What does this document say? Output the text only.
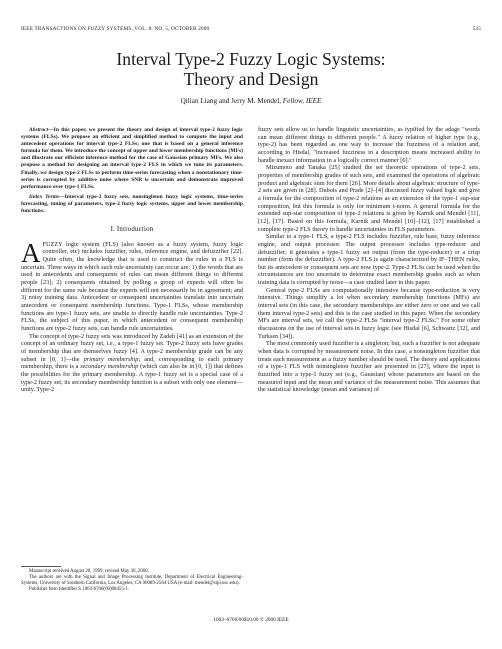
IEEE TRANSACTIONS ON FUZZY SYSTEMS, VOL. 8, NO. 5, OCTOBER 2000	535
Interval Type-2 Fuzzy Logic Systems:
Theory and Design
Qilian Liang and Jerry M. Mendel, Fellow, IEEE

Abstract—In this paper, we present the theory and design of interval type-2 fuzzy logic systems (FLSs). We propose an efficient and simplified method to compute the input and antecedent operations for interval type-2 FLSs; one that is based on a general inference formula for them. We introduce the concept of upper and lower membership functions (MFs) and illustrate our efficient inference method for the case of Gaussian primary MFs. We also propose a method for designing an interval type-2 FLS in which we tune its parameters. Finally, we design type-2 FLSs to perform time-series forecasting when a nonstationary time-series is corrupted by additive noise where SNR is uncertain and demonstrate improved performance over type-1 FLSs.

Index Terms—Interval type-2 fuzzy sets, nonsingleton fuzzy logic systems, time-series forecasting, tuning of parameters, type-2 fuzzy logic systems, upper and lower membership functions.

I. Introduction

AFUZZY logic system (FLS) (also known as a fuzzy system, fuzzy logic controller, etc) includes fuzzifier, rules, inference engine, and defuzzifier [22]. Quite often, the knowledge that is used to construct the rules in a FLS is uncertain. Three ways in which such rule uncertainty can occur are: 1) the words that are used in antecedents and consequents of rules can mean different things to different people [23]; 2) consequents obtained by polling a group of experts will often be different for the same rule because the experts will not necessarily be in agreement; and 3) noisy training data. Antecedent or consequent uncertainties translate into uncertain antecedent or consequent membership functions. Type-1 FLSs, whose membership functions are type-1 fuzzy sets, are unable to directly handle rule uncertainties. Type-2 FLSs, the subject of this paper, in which antecedent or consequent membership functions are type-2 fuzzy sets, can handle rule uncertainties.

The concept of type-2 fuzzy sets was introduced by Zadeh [41] as an extension of the concept of an ordinary fuzzy set, i.e., a type-1 fuzzy set. Type-2 fuzzy sets have grades of membership that are themselves fuzzy [4]. A type-2 membership grade can be any subset in [0, 1]—the primary membership; and, corresponding to each primary membership, there is a secondary membership (which can also be in [0, 1]) that defines the possibilities for the primary membership. A type-1 fuzzy set is a special case of a type-2 fuzzy set; its secondary membership function is a subset with only one element—unity. Type-2

Manuscript received August 20, 1999; revised May 30, 2000.

The authors are with the Signal and Image Processing Institute, Department of Electrical Engineering-Systems, University of Southern California, Los Angeles, CA 90089-2564 USA (e-mail: mendel@sipi.usc.edu).

Publisher Item Identifier S 1063-6706(00)08455-1.

fuzzy sets allow us to handle linguistic uncertainties, as typified by the adage "words can mean different things to different people." A fuzzy relation of higher type (e.g., type-2) has been regarded as one way to increase the fuzziness of a relation and, according to Hisdal, "increased fuzziness in a description means increased ability to handle inexact information in a logically correct manner [6]."

Mizumoto and Tanaka [25] studied the set theoretic operations of type-2 sets, properties of membership grades of such sets, and examined the operations of algebraic product and algebraic sum for them [26]. More details about algebraic structure of type-2 sets are given in [28]. Dubois and Prade [2]–[4] discussed fuzzy valued logic and give a formula for the composition of type-2 relations as an extension of the type-1 sup-star composition, but this formula is only for minimum t-norm. A general formula for the extended sup-star composition of type-2 relations is given by Karnik and Mendel [11], [12], [17]. Based on this formula, Karnik and Mendel [10]–[12], [17] established a complete type-2 FLS theory to handle uncertainties in FLS parameters.

Similar to a type-1 FLS, a type-2 FLS includes fuzzifier, rule base, fuzzy inference engine, and output processor. The output processor includes type-reducer and defuzzifier; it generates a type-1 fuzzy set output (from the type-reducer) or a crisp number (from the defuzzifier). A type-2 FLS is again characterized by IF–THEN rules, but its antecedent or consequent sets are now type-2. Type-2 FLSs can be used when the circumstances are too uncertain to determine exact membership grades such as when training data is corrupted by noise—a case studied later in this paper.

General type-2 FLSs are computationally intensive because type-reduction is very intensive. Things simplify a lot when secondary membership functions (MFs) are interval sets (in this case, the secondary memberships are either zero or one and we call them interval type-2 sets) and this is the case studied in this paper. When the secondary MFs are interval sets, we call the type-2 FLSs "interval type-2 FLSs." For some other discussions on the use of interval sets in fuzzy logic (see Hisdal [6], Schwartz [32], and Turksen [34]).

The most commonly used fuzzifier is a singleton; but, such a fuzzifier is not adequate when data is corrupted by measurement noise. In this case, a nonsingleton fuzzifier that treats each measurement as a fuzzy number should be used. The theory and applications of a type-1 FLS with nonsingleton fuzzifier are presented in [27], where the input is fuzzified into a type-1 fuzzy set (e.g., Gaussian) whose parameters are based on the measured input and the mean and variance of the measurement noise. This assumes that the statistical knowledge (mean and variance) of

1063–6706/00$10.00 © 2000 IEEE
